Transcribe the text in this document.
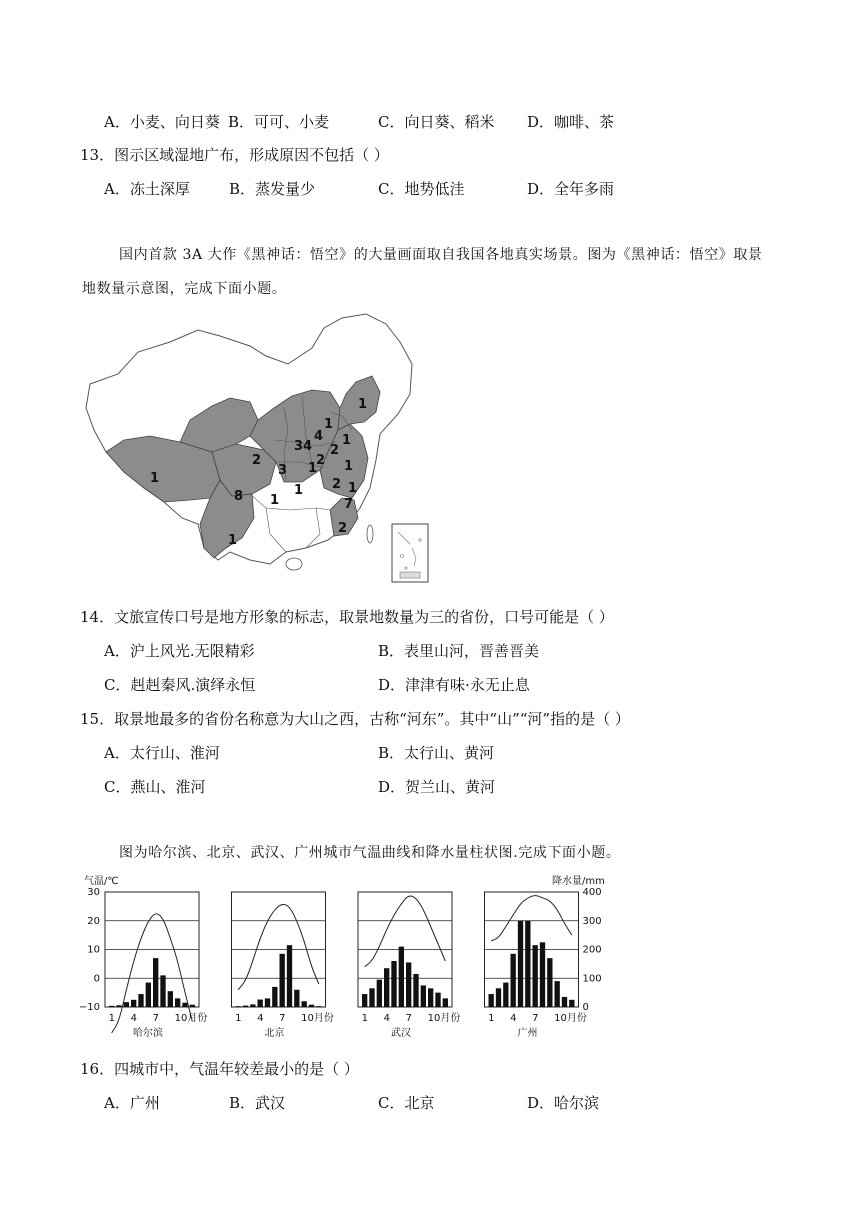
A．小麦、向日葵 B．可可、小麦	C．向日葵、稻米 D．咖啡、茶
13．图示区域湿地广布，形成原因不包括（ ）
A．冻土深厚	B．蒸发量少	C．地势低洼	D．全年多雨

国内首款 3A 大作《黑神话：悟空》的大量画面取自我国各地真实场景。图为《黑神话：悟空》取景

地数量示意图，完成下面小题。

1
1
34
4 1
2
2 1
2
3 1
2
1
1
8	1
7
2
1
1
14．文旅宣传口号是地方形象的标志，取景地数量为三的省份，口号可能是（ ）
A．沪上风光.无限精彩	B．表里山河，晋善晋美
C．赳赳秦风.演绎永恒	D．津津有味·永无止息
15．取景地最多的省份名称意为大山之西，古称“河东”。其中“山”“河”指的是（ ）
A．太行山、淮河	B．太行山、黄河
C．燕山、淮河	D．贺兰山、黄河

图为哈尔滨、北京、武汉、广州城市气温曲线和降水量柱状图.完成下面小题。

气温/℃	降水量/mm
30
20
10
0
−10
400
300
200
100
0
1 4 7 10月份
哈尔滨
1 4 7 10月份
北京
1 4 7 10月份
武汉
1 4 7 10月份
广州
16．四城市中，气温年较差最小的是（ ）
A．广州	B．武汉	C．北京	D．哈尔滨
